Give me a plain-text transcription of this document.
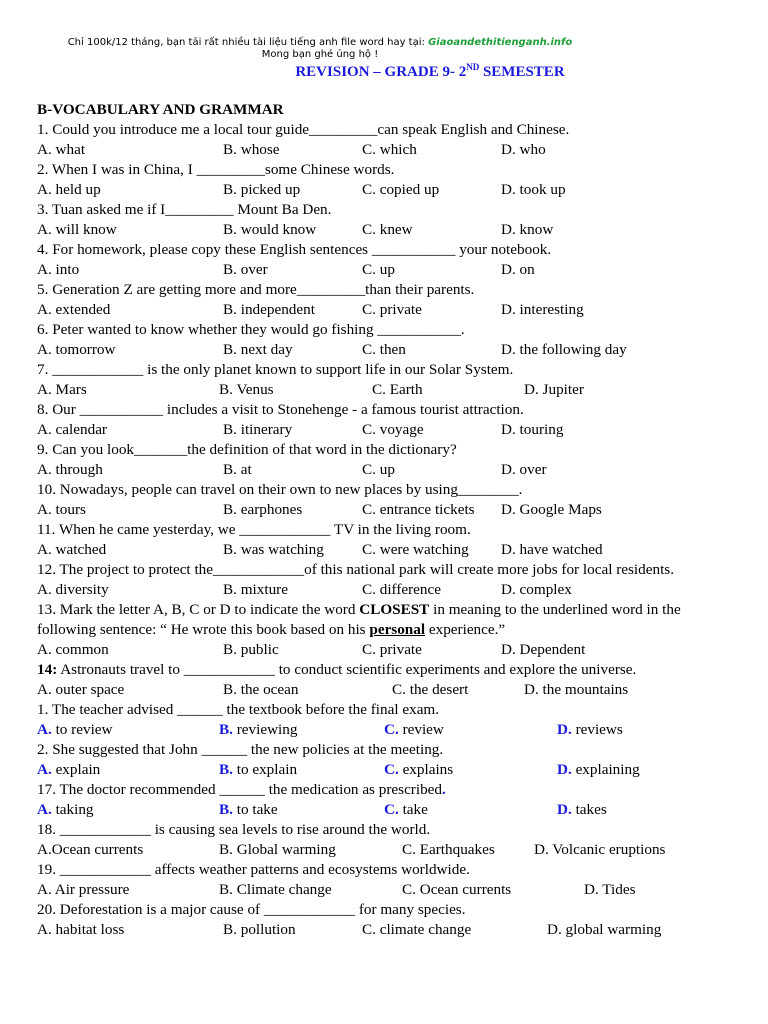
Chỉ 100k/12 tháng, bạn tải rất nhiều tài liệu tiếng anh file word hay tại: Giaoandethitienganh.info
Mong bạn ghé ủng hộ !
REVISION – GRADE 9- 2ND SEMESTER
B-VOCABULARY AND GRAMMAR
1. Could you introduce me a local tour guide_________can speak English and Chinese.
A. what	B. whose	C. which	D. who
2. When I was in China, I _________some Chinese words.
A. held up	B. picked up	C. copied up	D. took up
3. Tuan asked me if I_________ Mount Ba Den.
A. will know	B. would know	C. knew	D. know
4. For homework, please copy these English sentences ___________ your notebook.
A. into	B. over	C. up	D. on
5. Generation Z are getting more and more_________than their parents.
A. extended	B. independent	C. private	D. interesting
6. Peter wanted to know whether they would go fishing ___________.
A. tomorrow	B. next day	C. then	D. the following day
7. ____________ is the only planet known to support life in our Solar System.
A. Mars	B. Venus	C. Earth	D. Jupiter
8. Our ___________ includes a visit to Stonehenge - a famous tourist attraction.
A. calendar	B. itinerary	C. voyage	D. touring
9. Can you look_______the definition of that word in the dictionary?
A. through	B. at	C. up	D. over
10. Nowadays, people can travel on their own to new places by using________.
A. tours	B. earphones	C. entrance tickets D. Google Maps
11. When he came yesterday, we ____________ TV in the living room.
A. watched	B. was watching	C. were watching D. have watched
12. The project to protect the____________of this national park will create more jobs for local residents.
A. diversity	B. mixture	C. difference	D. complex
13. Mark the letter A, B, C or D to indicate the word CLOSEST in meaning to the underlined word in the following sentence: “ He wrote this book based on his personal experience.”
A. common	B. public	C. private	D. Dependent
14: Astronauts travel to ____________ to conduct scientific experiments and explore the universe.
A. outer space	B. the ocean	C. the desert	D. the mountains
1. The teacher advised ______ the textbook before the final exam.
A. to review	B. reviewing	C. review	D. reviews
2. She suggested that John ______ the new policies at the meeting.
A. explain	B. to explain	C. explains	D. explaining
17. The doctor recommended ______ the medication as prescribed.
A. taking	B. to take	C. take	D. takes
18. ____________ is causing sea levels to rise around the world.
A.Ocean currents	B. Global warming	C. Earthquakes	D. Volcanic eruptions
19. ____________ affects weather patterns and ecosystems worldwide.
A. Air pressure	B. Climate change	C. Ocean currents	D. Tides
20. Deforestation is a major cause of ____________ for many species.
A. habitat loss	B. pollution	C. climate change	D. global warming
